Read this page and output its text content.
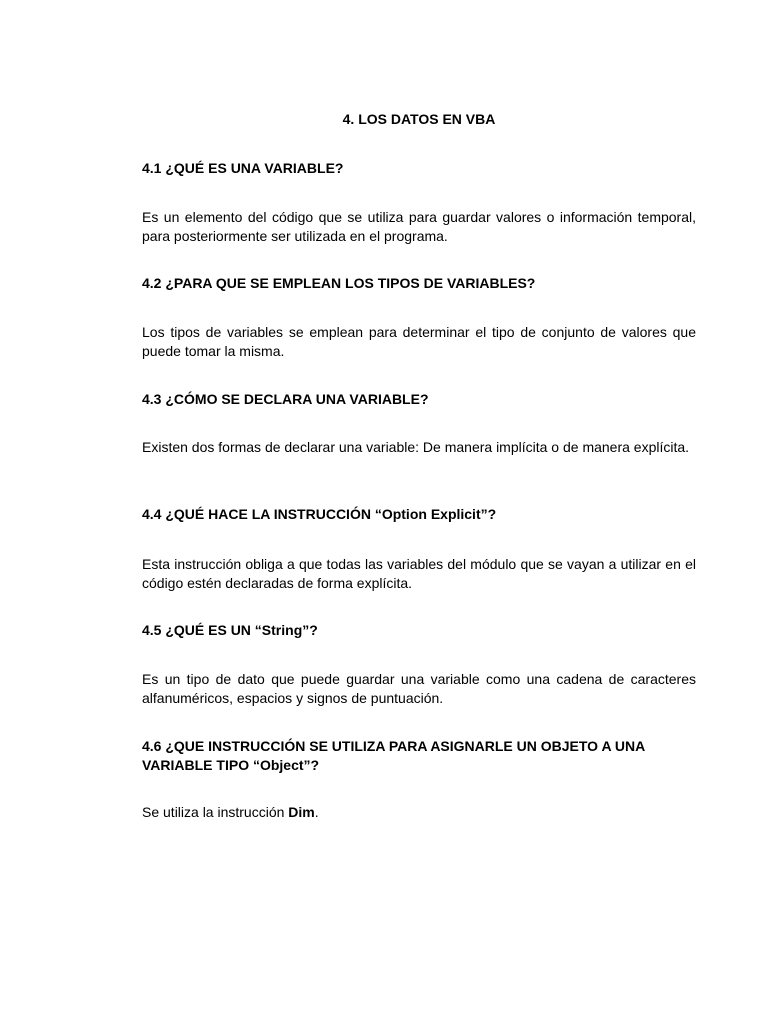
4. LOS DATOS EN VBA
4.1 ¿QUÉ ES UNA VARIABLE?

Es un elemento del código que se utiliza para guardar valores o información temporal, para posteriormente ser utilizada en el programa.

4.2 ¿PARA QUE SE EMPLEAN LOS TIPOS DE VARIABLES?

Los tipos de variables se emplean para determinar el tipo de conjunto de valores que puede tomar la misma.

4.3 ¿CÓMO SE DECLARA UNA VARIABLE?

Existen dos formas de declarar una variable: De manera implícita o de manera explícita.

4.4 ¿QUÉ HACE LA INSTRUCCIÓN “Option Explicit”?

Esta instrucción obliga a que todas las variables del módulo que se vayan a utilizar en el código estén declaradas de forma explícita.

4.5 ¿QUÉ ES UN “String”?

Es un tipo de dato que puede guardar una variable como una cadena de caracteres alfanuméricos, espacios y signos de puntuación.

4.6 ¿QUE INSTRUCCIÓN SE UTILIZA PARA ASIGNARLE UN OBJETO A UNA VARIABLE TIPO “Object”?

Se utiliza la instrucción Dim.
